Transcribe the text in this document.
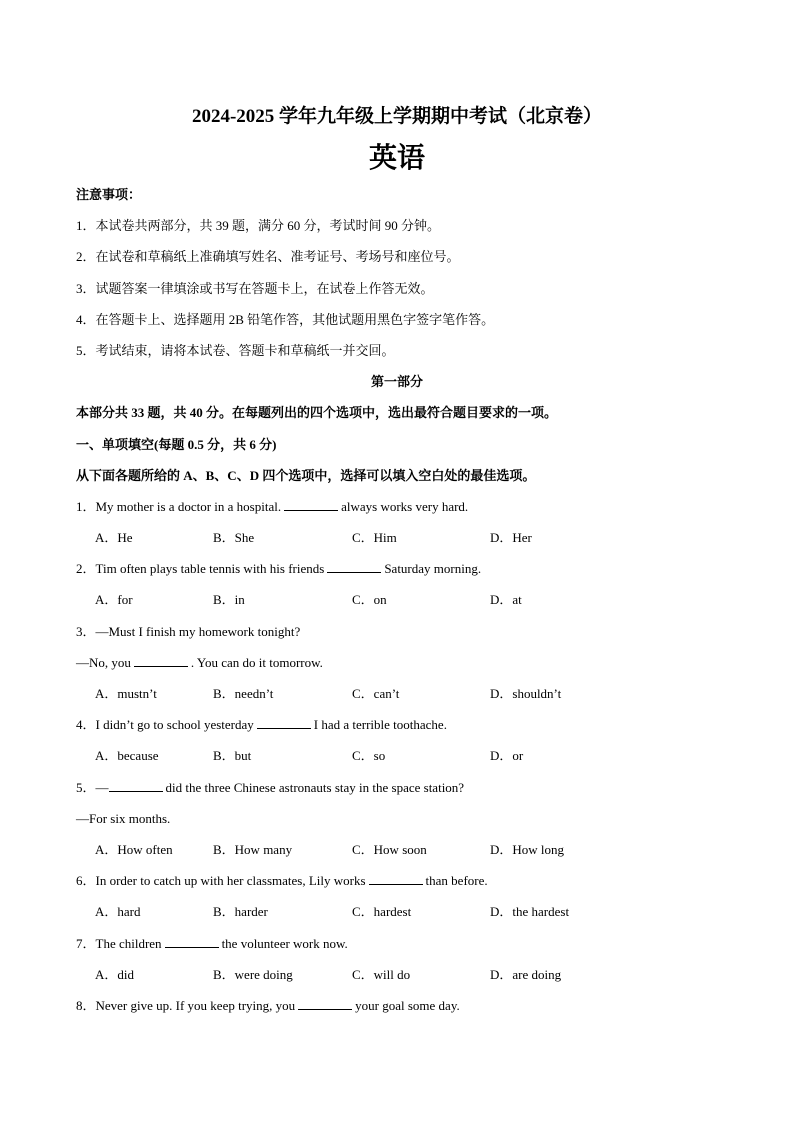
2024-2025 学年九年级上学期期中考试（北京卷）
英语
注意事项：
1．本试卷共两部分，共 39 题，满分 60 分，考试时间 90 分钟。
2．在试卷和草稿纸上准确填写姓名、准考证号、考场号和座位号。
3．试题答案一律填涂或书写在答题卡上，在试卷上作答无效。
4．在答题卡上、选择题用 2B 铅笔作答，其他试题用黑色字签字笔作答。
5．考试结束，请将本试卷、答题卡和草稿纸一并交回。
第一部分
本部分共 33 题，共 40 分。在每题列出的四个选项中，选出最符合题目要求的一项。
一、单项填空(每题 0.5 分，共 6 分)
从下面各题所给的 A、B、C、D 四个选项中，选择可以填入空白处的最佳选项。
1．My mother is a doctor in a hospital.	always works very hard.
A．He	B．She	C．Him	D．Her
2．Tim often plays table tennis with his friends	Saturday morning.
A．for	B．in	C．on	D．at
3．—Must I finish my homework tonight?
—No, you	. You can do it tomorrow.
A．mustn’t	B．needn’t	C．can’t	D．shouldn’t
4．I didn’t go to school yesterday	I had a terrible toothache.
A．because	B．but	C．so	D．or
5．—	did the three Chinese astronauts stay in the space station?
—For six months.
A．How often	B．How many	C．How soon	D．How long
6．In order to catch up with her classmates, Lily works	than before.
A．hard	B．harder	C．hardest	D．the hardest
7．The children	the volunteer work now.
A．did	B．were doing	C．will do	D．are doing
8．Never give up. If you keep trying, you	your goal some day.
